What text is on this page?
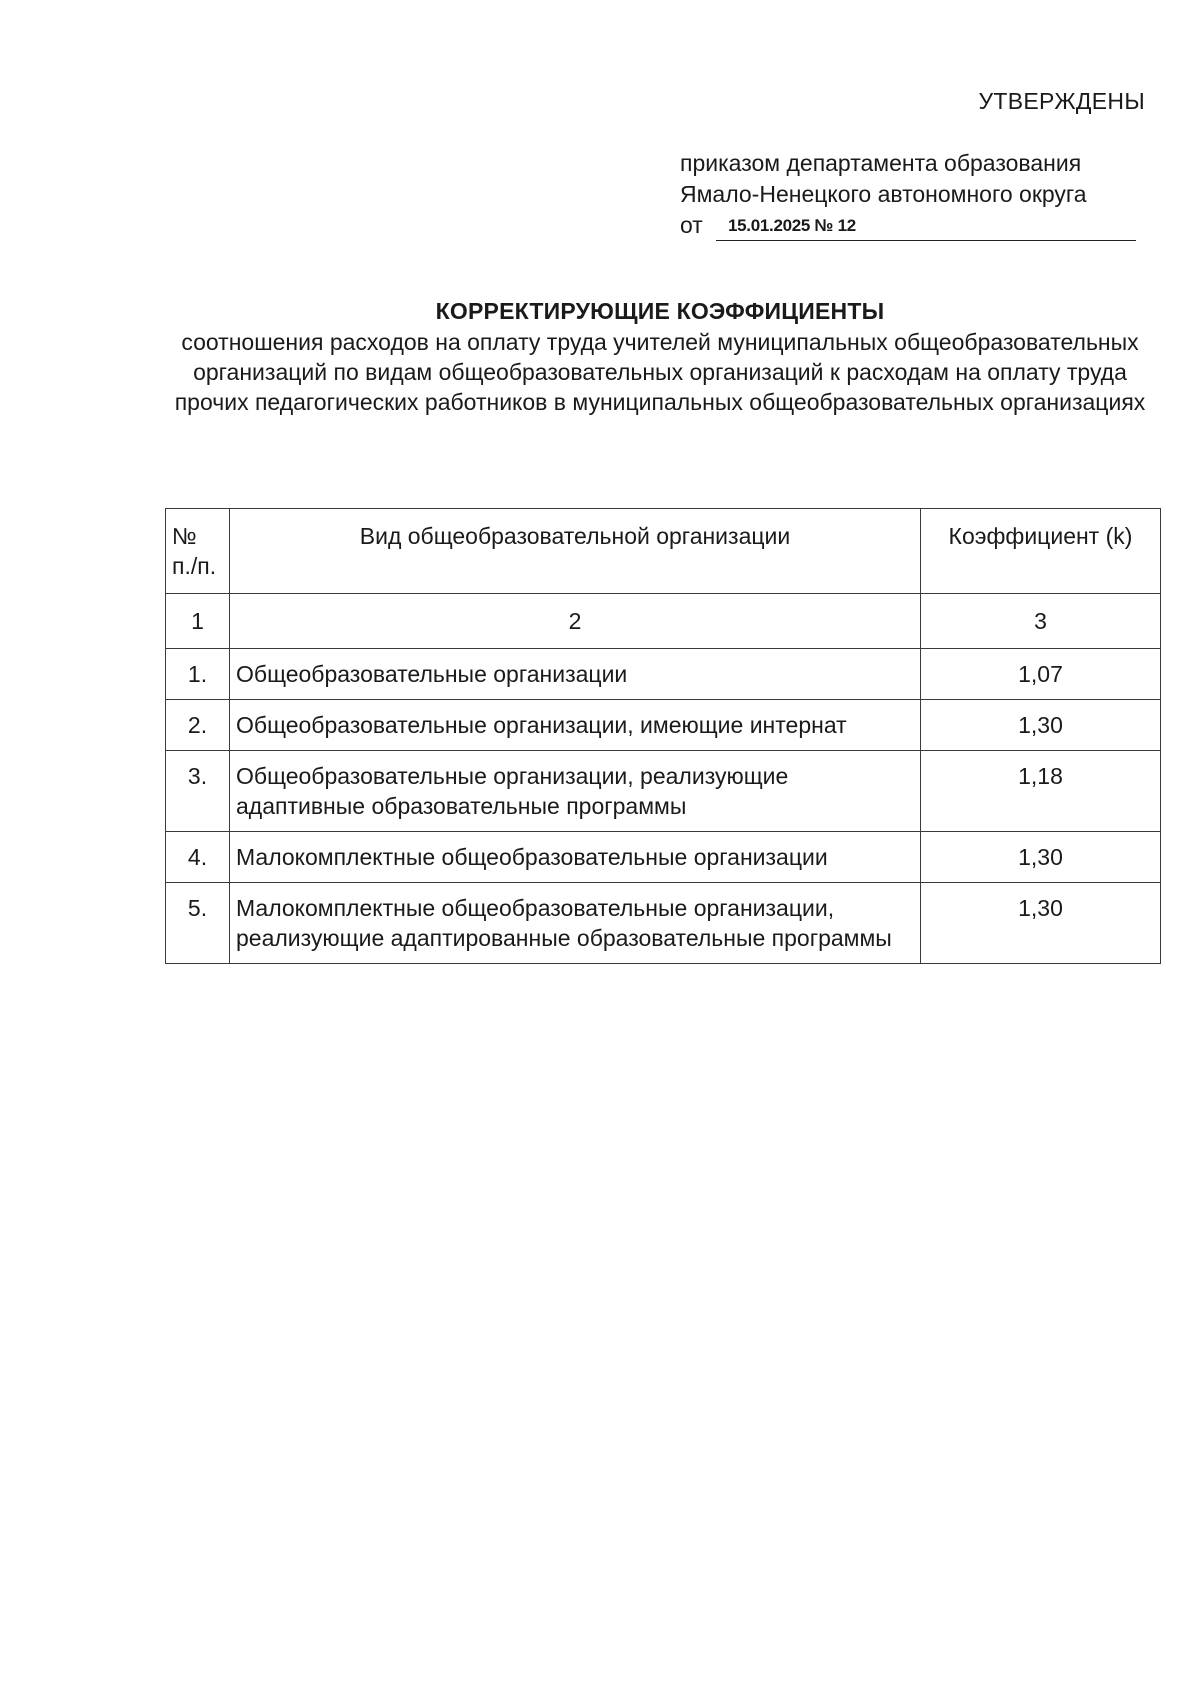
УТВЕРЖДЕНЫ
приказом департамента образования
Ямало-Ненецкого автономного округа
от 15.01.2025 № 12
КОРРЕКТИРУЮЩИЕ КОЭФФИЦИЕНТЫ
соотношения расходов на оплату труда учителей муниципальных общеобразовательных организаций по видам общеобразовательных организаций к расходам на оплату труда прочих педагогических работников в муниципальных общеобразовательных организациях
№ п./п.	Вид общеобразовательной организации	Коэффициент (k)
1	2	3
1.	Общеобразовательные организации	1,07
2.	Общеобразовательные организации, имеющие интернат	1,30
3.	Общеобразовательные организации, реализующие адаптивные образовательные программы	1,18
4.	Малокомплектные общеобразовательные организации	1,30
5.	Малокомплектные общеобразовательные организации, реализующие адаптированные образовательные программы	1,30
